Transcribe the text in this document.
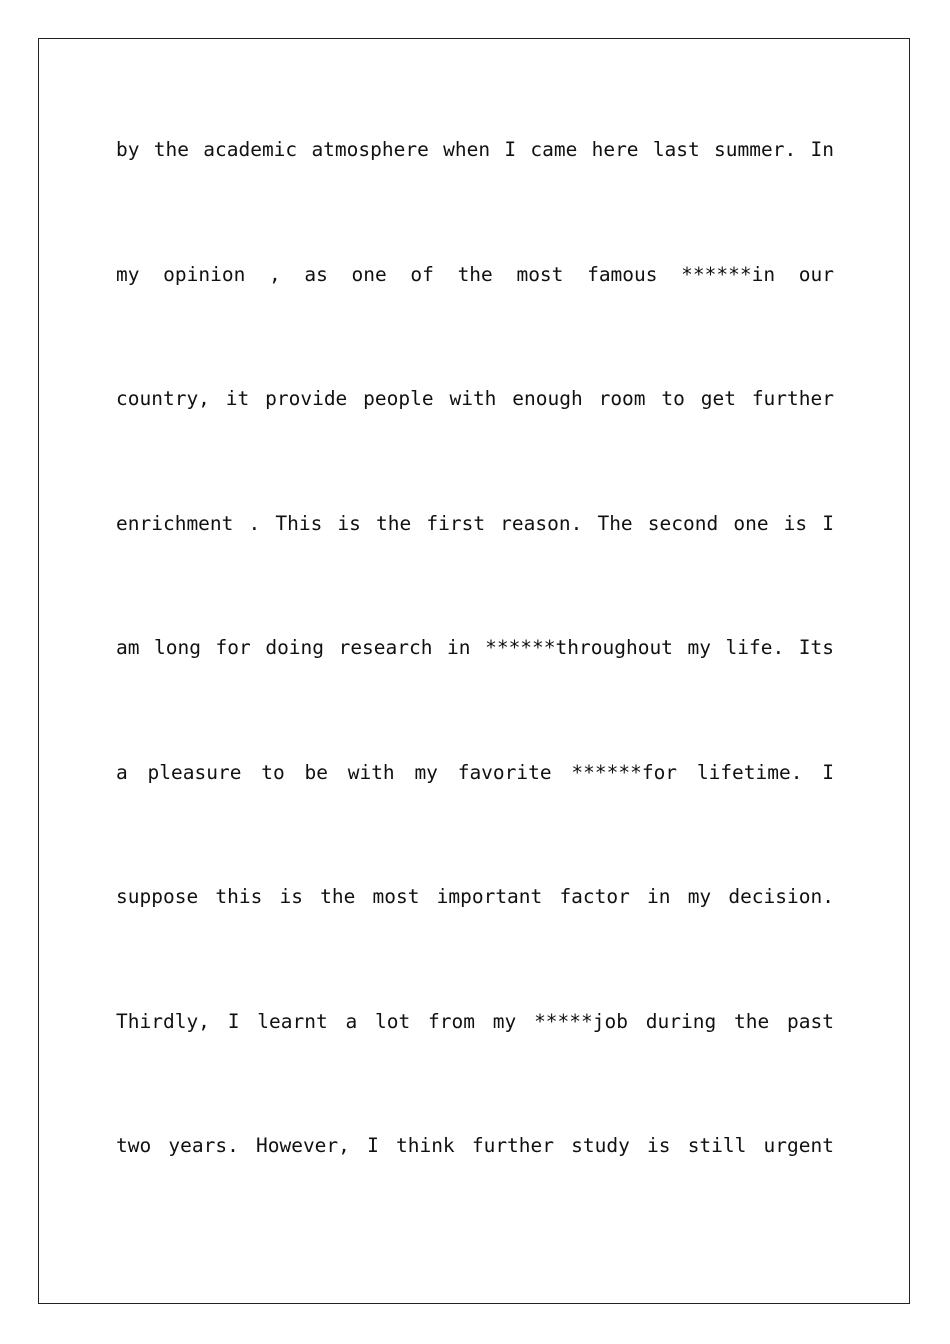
by the academic atmosphere when I came here last summer. In
my opinion , as one of the most famous ******in our
country, it provide people with enough room to get further
enrichment . This is the first reason. The second one is I
am long for doing research in ******throughout my life. Its
a pleasure to be with my favorite ******for lifetime. I
suppose this is the most important factor in my decision.
Thirdly, I learnt a lot from my *****job during the past
two years. However, I think further study is still urgent
